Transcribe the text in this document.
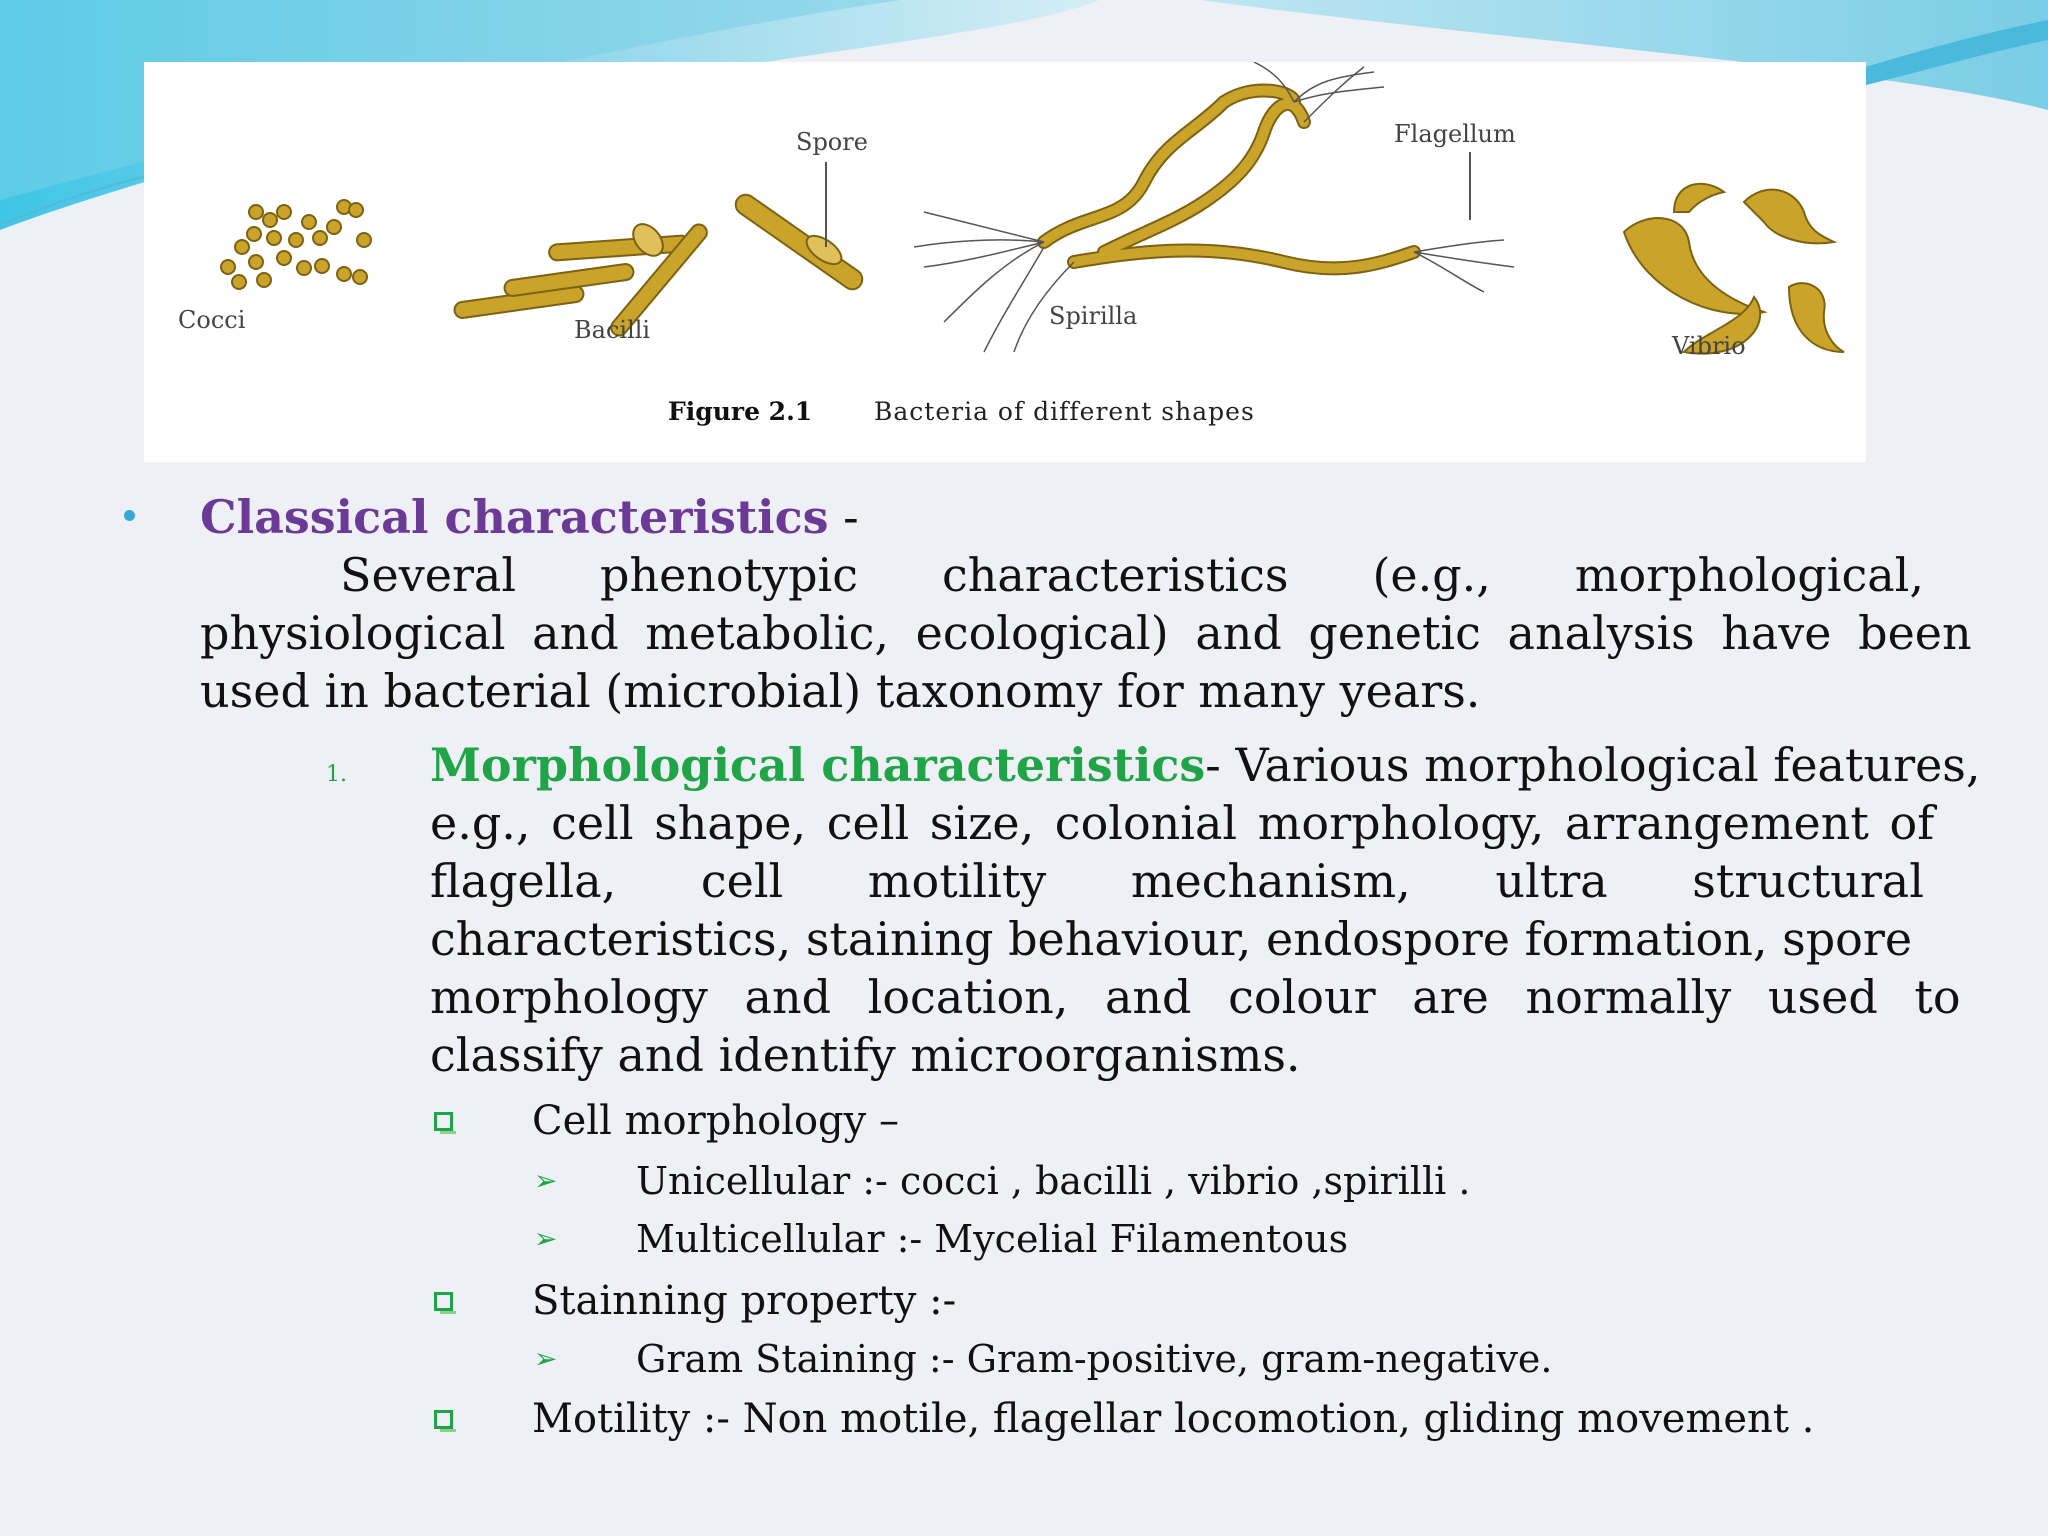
Cocci	Bacilli
Spore
Spirilla
Flagellum
Vibrio
Figure 2.1 Bacteria of different shapes
Classical characteristics -
Several phenotypic characteristics (e.g., morphological,
physiological and metabolic, ecological) and genetic analysis have been
used in bacterial (microbial) taxonomy for many years.
1. Morphological characteristics - Various morphological features,
e.g., cell shape, cell size, colonial morphology, arrangement of
flagella, cell motility mechanism, ultra structural
characteristics, staining behaviour, endospore formation, spore
morphology and location, and colour are normally used to
classify and identify microorganisms.
Cell morphology –
➢ Unicellular :- cocci , bacilli , vibrio ,spirilli .
➢ Multicellular :- Mycelial Filamentous
Stainning property :-
➢ Gram Staining :- Gram-positive, gram-negative.
Motility :- Non motile, flagellar locomotion, gliding movement .
